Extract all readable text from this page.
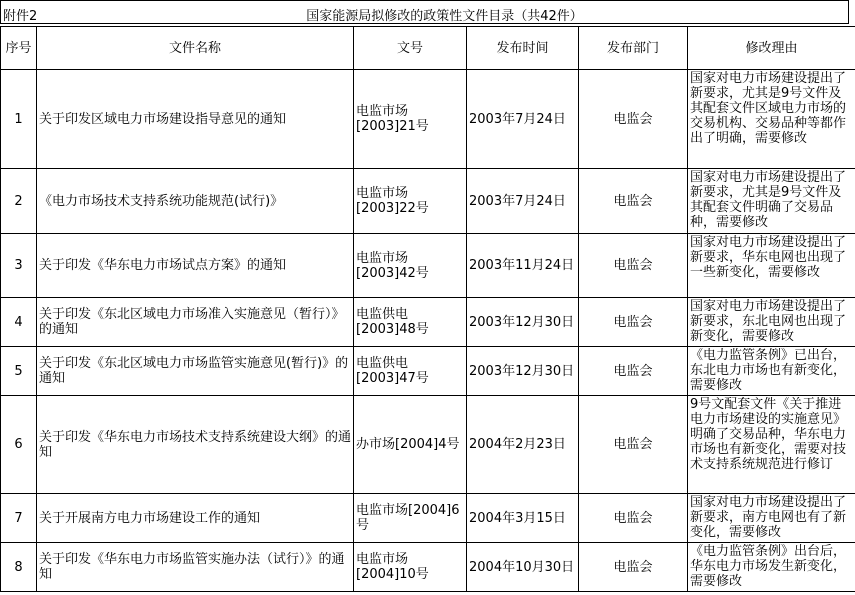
附件2	国家能源局拟修改的政策性文件目录（共42件）
序号	文件名称	文号	发布时间	发布部门	修改理由
1	关于印发区域电力市场建设指导意见的通知	电监市场[2003]21号	2003年7月24日	电监会	国家对电力市场建设提出了新要求，尤其是9号文件及其配套文件区域电力市场的交易机构、交易品种等都作出了明确，需要修改

2	《电力市场技术支持系统功能规范(试行)》	电监市场[2003]22号	2003年7月24日	电监会	国家对电力市场建设提出了新要求，尤其是9号文件及其配套文件明确了交易品种，需要修改

3	关于印发《华东电力市场试点方案》的通知	电监市场[2003]42号	2003年11月24日	电监会	国家对电力市场建设提出了新要求，华东电网也出现了一些新变化，需要修改

4	关于印发《东北区域电力市场准入实施意见（暂行）》的通知	电监供电[2003]48号	2003年12月30日	电监会	国家对电力市场建设提出了新要求，东北电网也出现了新变化，需要修改

5	关于印发《东北区域电力市场监管实施意见(暂行)》的通知	电监供电[2003]47号	2003年12月30日	电监会	《电力监管条例》已出台，东北电力市场也有新变化，需要修改

6	关于印发《华东电力市场技术支持系统建设大纲》的通知	办市场[2004]4号	2004年2月23日	电监会	9号文配套文件《关于推进电力市场建设的实施意见》明确了交易品种，华东电力市场也有新变化，需要对技术支持系统规范进行修订

7	关于开展南方电力市场建设工作的通知	电监市场[2004]6号	2004年3月15日	电监会	国家对电力市场建设提出了新要求，南方电网也有了新变化，需要修改

8	关于印发《华东电力市场监管实施办法（试行）》的通知	电监市场[2004]10号	2004年10月30日	电监会	《电力监管条例》出台后，华东电力市场发生新变化，需要修改
